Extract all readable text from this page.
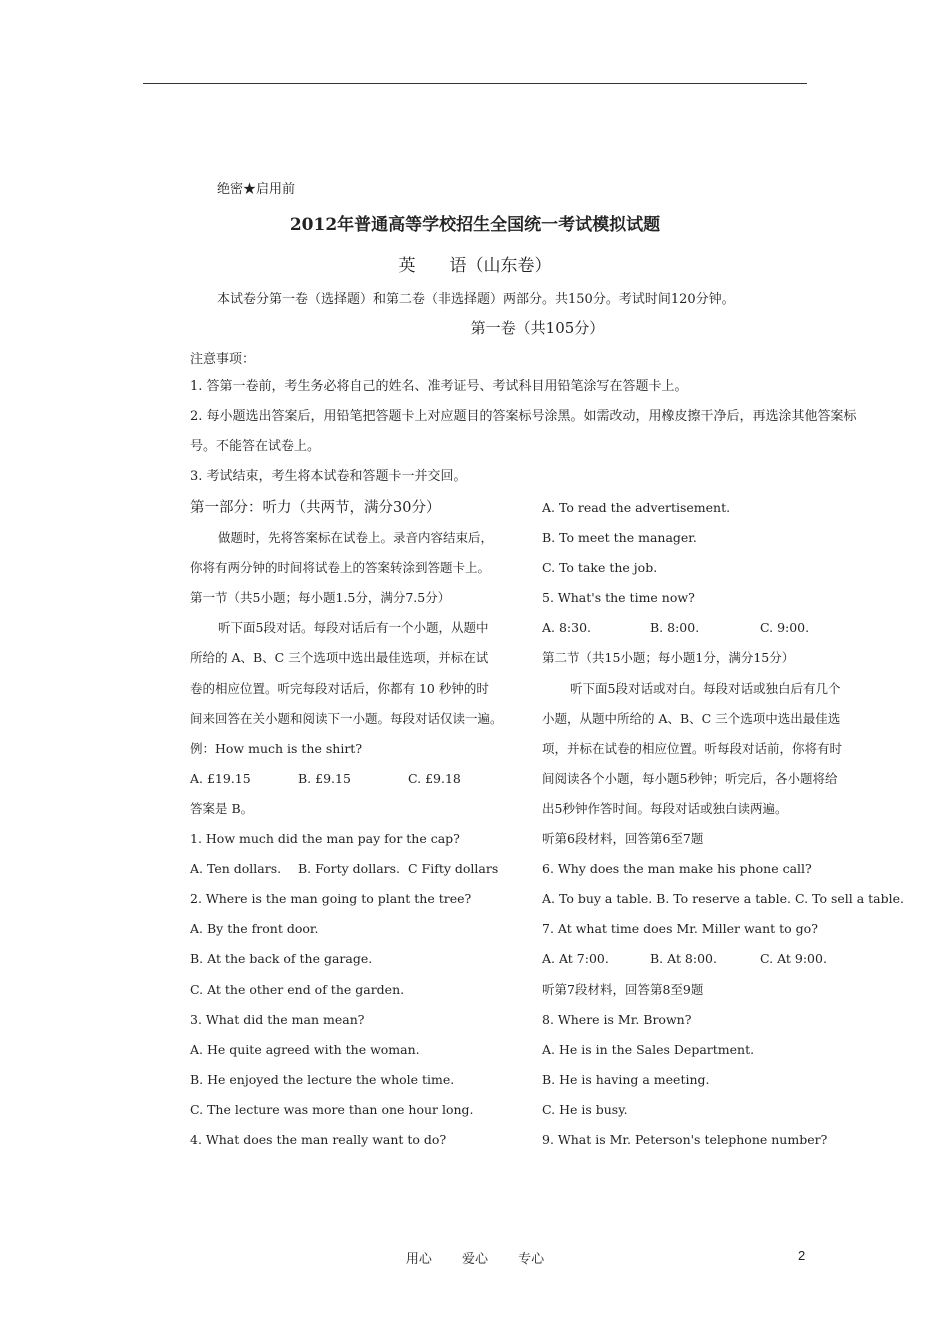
绝密★启用前
2012年普通高等学校招生全国统一考试模拟试题
英　　语（山东卷）
本试卷分第一卷（选择题）和第二卷（非选择题）两部分。共150分。考试时间120分钟。
第一卷（共105分）
注意事项：
1. 答第一卷前，考生务必将自己的姓名、准考证号、考试科目用铅笔涂写在答题卡上。
2. 每小题选出答案后，用铅笔把答题卡上对应题目的答案标号涂黑。如需改动，用橡皮擦干净后，再选涂其他答案标号。不能答在试卷上。
3. 考试结束，考生将本试卷和答题卡一并交回。
第一部分：听力（共两节，满分30分）
做题时，先将答案标在试卷上。录音内容结束后，
你将有两分钟的时间将试卷上的答案转涂到答题卡上。
第一节（共5小题；每小题1.5分，满分7.5分）
听下面5段对话。每段对话后有一个小题，从题中
所给的 A、B、C 三个选项中选出最佳选项，并标在试
卷的相应位置。听完每段对话后，你都有 10 秒钟的时
间来回答在关小题和阅读下一小题。每段对话仅读一遍。
例：How much is the shirt?
A. £19.15	B. £9.15	C. £9.18
答案是 B。
1. How much did the man pay for the cap?
A. Ten dollars.	B. Forty dollars. C Fifty dollars
2. Where is the man going to plant the tree?
A. By the front door.
B. At the back of the garage.
C. At the other end of the garden.
3. What did the man mean?
A. He quite agreed with the woman.
B. He enjoyed the lecture the whole time.
C. The lecture was more than one hour long.
4. What does the man really want to do?
A. To read the advertisement.
B. To meet the manager.
C. To take the job.
5. What's the time now?
A. 8:30.	B. 8:00.	C. 9:00.
第二节（共15小题；每小题1分，满分15分）
听下面5段对话或对白。每段对话或独白后有几个
小题，从题中所给的 A、B、C 三个选项中选出最佳选
项，并标在试卷的相应位置。听每段对话前，你将有时
间阅读各个小题，每小题5秒钟；听完后，各小题将给
出5秒钟作答时间。每段对话或独白读两遍。
听第6段材料，回答第6至7题
6. Why does the man make his phone call?
A. To buy a table. B. To reserve a table. C. To sell a table.
7. At what time does Mr. Miller want to go?
A. At 7:00.	B. At 8:00.	C. At 9:00.
听第7段材料，回答第8至9题
8. Where is Mr. Brown?
A. He is in the Sales Department.
B. He is having a meeting.
C. He is busy.
9. What is Mr. Peterson's telephone number?
用心 爱心 专心	2
